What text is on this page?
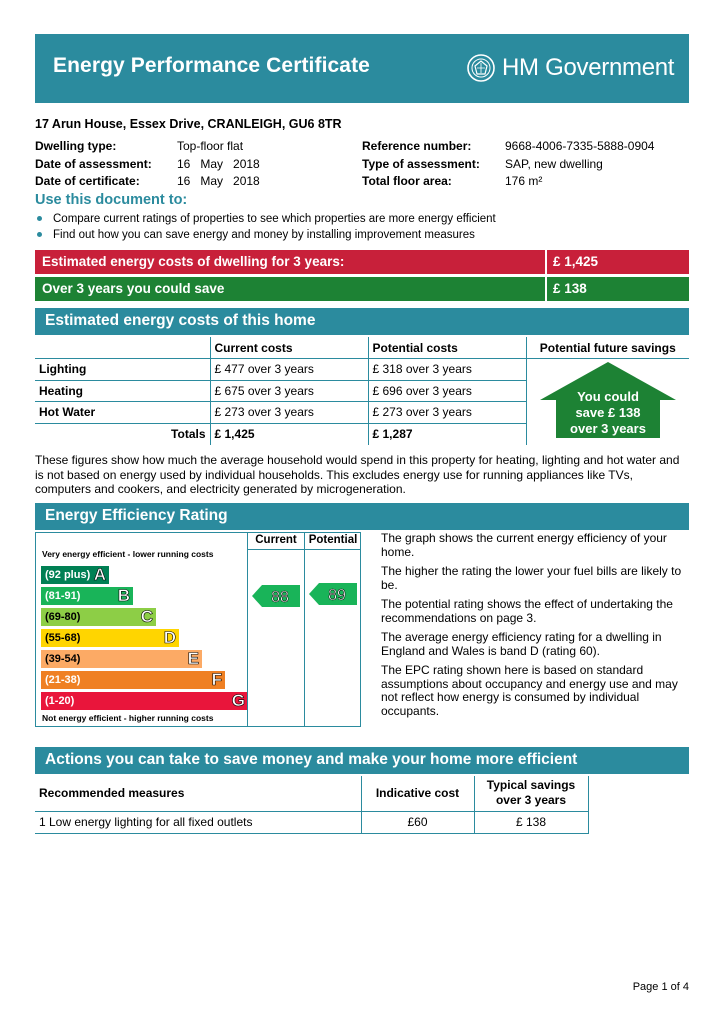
Energy Performance Certificate	HM Government
17 Arun House, Essex Drive, CRANLEIGH, GU6 8TR
Dwelling type:	Top-floor flat
Date of assessment:	16   May   2018
Date of certificate:	16   May   2018
Reference number:	9668-4006-7335-5888-0904
Type of assessment:	SAP, new dwelling
Total floor area:	176 m²
Use this document to:
Compare current ratings of properties to see which properties are more energy efficient
Find out how you can save energy and money by installing improvement measures
Estimated energy costs of dwelling for 3 years:	£ 1,425
Over 3 years you could save	£ 138
Estimated energy costs of this home
	Current costs	Potential costs	Potential future savings
Lighting	£ 477 over 3 years	£ 318 over 3 years	You could
save £ 138
over 3 years

Heating	£ 675 over 3 years	£ 696 over 3 years	
Hot Water	£ 273 over 3 years	£ 273 over 3 years	
Totals	£ 1,425	£ 1,287	
These figures show how much the average household would spend in this property for heating, lighting and hot water and is not based on energy used by individual households. This excludes energy use for running appliances like TVs, computers and cookers, and electricity generated by microgeneration.
Energy Efficiency Rating
Very energy efficient - lower running costs
Not energy efficient - higher running costs
(92 plus) A
(81-91) B
(69-80)	C
(55-68)	D
(39-54)	E
(21-38)	F
(1-20)	G
Current	Potential
88 89
The graph shows the current energy efficiency of your home.
The higher the rating the lower your fuel bills are likely to be.
The potential rating shows the effect of undertaking the recommendations on page 3.
The average energy efficiency rating for a dwelling in England and Wales is band D (rating 60).
The EPC rating shown here is based on standard assumptions about occupancy and energy use and may not reflect how energy is consumed by individual occupants.
Actions you can take to save money and make your home more efficient
Recommended measures	Indicative cost	Typical savings
over 3 years

1 Low energy lighting for all fixed outlets	£60	£ 138
Page 1 of 4
